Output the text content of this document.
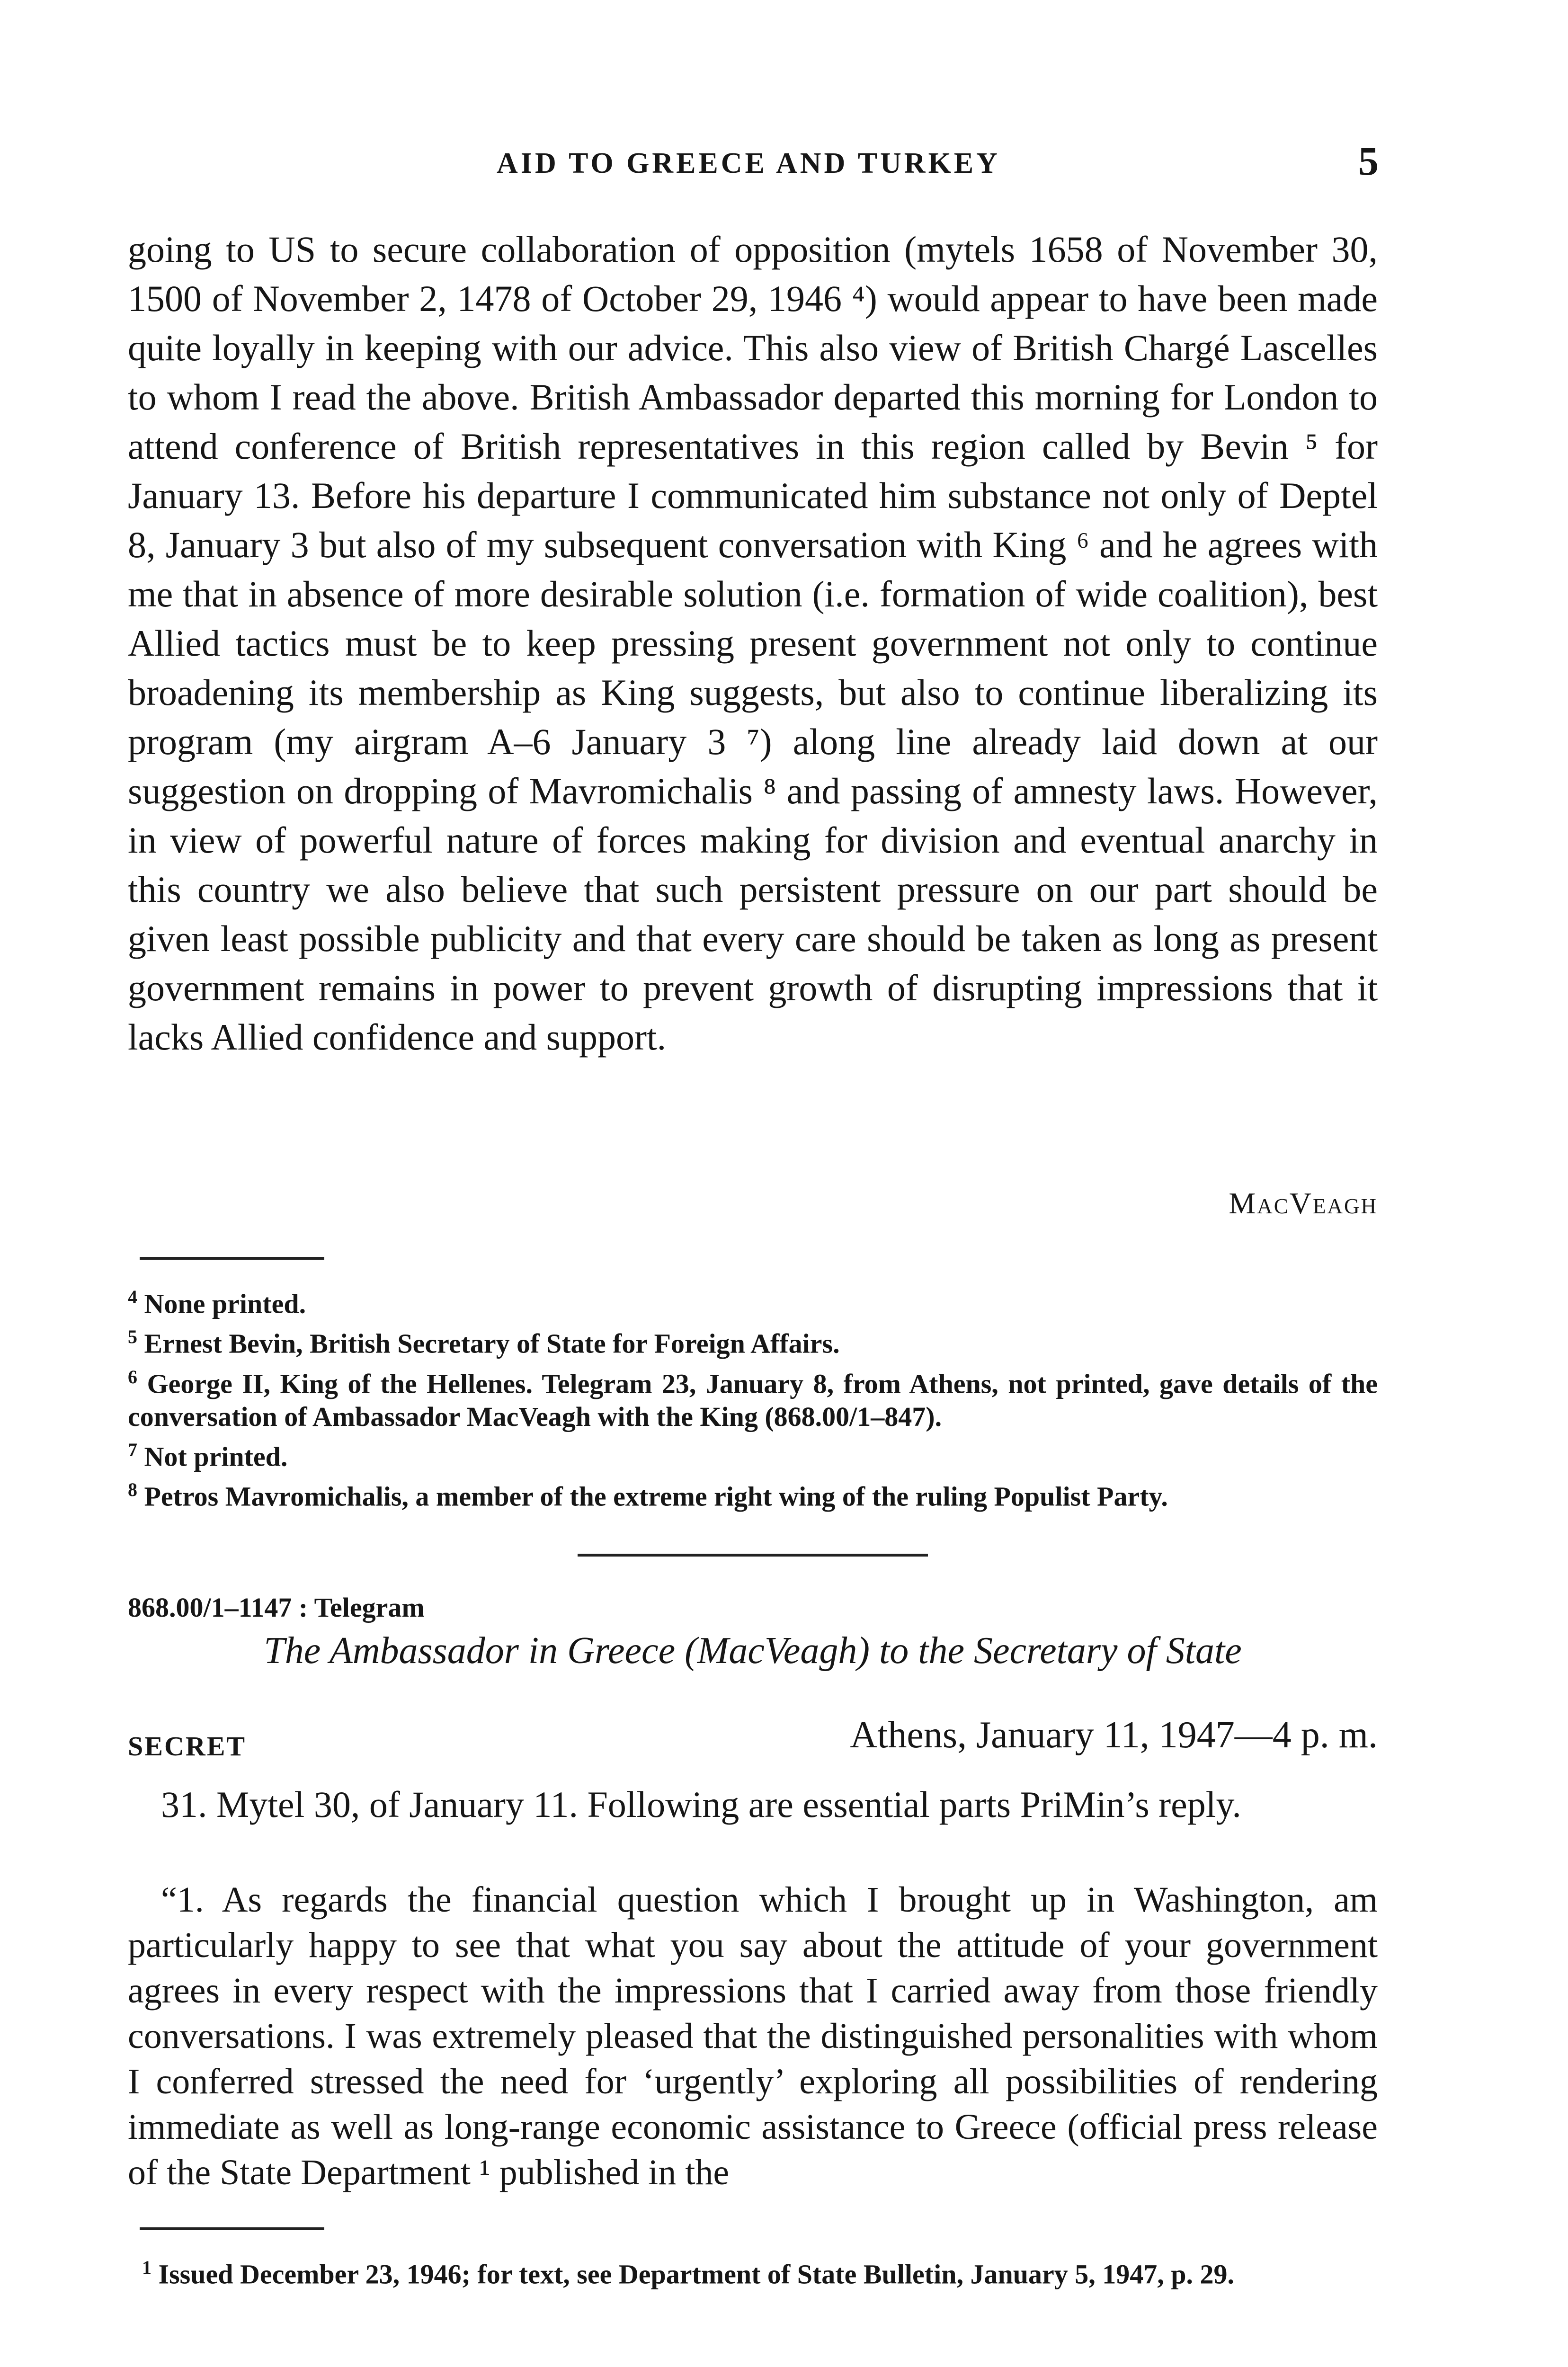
AID TO GREECE AND TURKEY	5
going to US to secure collaboration of opposition (mytels 1658 of November 30, 1500 of November 2, 1478 of October 29, 1946 ⁴) would appear to have been made quite loyally in keeping with our advice. This also view of British Chargé Lascelles to whom I read the above. British Ambassador departed this morning for London to attend conference of British representatives in this region called by Bevin ⁵ for January 13. Before his departure I communicated him substance not only of Deptel 8, January 3 but also of my subsequent conversation with King ⁶ and he agrees with me that in absence of more desirable solution (i.e. formation of wide coalition), best Allied tactics must be to keep pressing present government not only to continue broadening its membership as King suggests, but also to continue liberalizing its program (my airgram A–6 January 3 ⁷) along line already laid down at our suggestion on dropping of Mavromichalis ⁸ and passing of amnesty laws. However, in view of powerful nature of forces making for division and eventual anarchy in this country we also believe that such persistent pressure on our part should be given least possible publicity and that every care should be taken as long as present government remains in power to prevent growth of disrupting impressions that it lacks Allied confidence and support.
MacVeagh

$^4$ None printed.

$^5$ Ernest Bevin, British Secretary of State for Foreign Affairs.

$^6$ George II, King of the Hellenes. Telegram 23, January 8, from Athens, not printed, gave details of the conversation of Ambassador MacVeagh with the King (868.00/1–847).

$^7$ Not printed.

$^8$ Petros Mavromichalis, a member of the extreme right wing of the ruling Populist Party.

868.00/1–1147 : Telegram
The Ambassador in Greece (MacVeagh) to the Secretary of State
SECRET	Athens, January 11, 1947—4 p. m.
31. Mytel 30, of January 11. Following are essential parts PriMin’s reply.
“1. As regards the financial question which I brought up in Washington, am particularly happy to see that what you say about the attitude of your government agrees in every respect with the impressions that I carried away from those friendly conversations. I was extremely pleased that the distinguished personalities with whom I conferred stressed the need for ‘urgently’ exploring all possibilities of rendering immediate as well as long-range economic assistance to Greece (official press release of the State Department ¹ published in the

$^1$ Issued December 23, 1946; for text, see Department of State Bulletin, January 5, 1947, p. 29.
